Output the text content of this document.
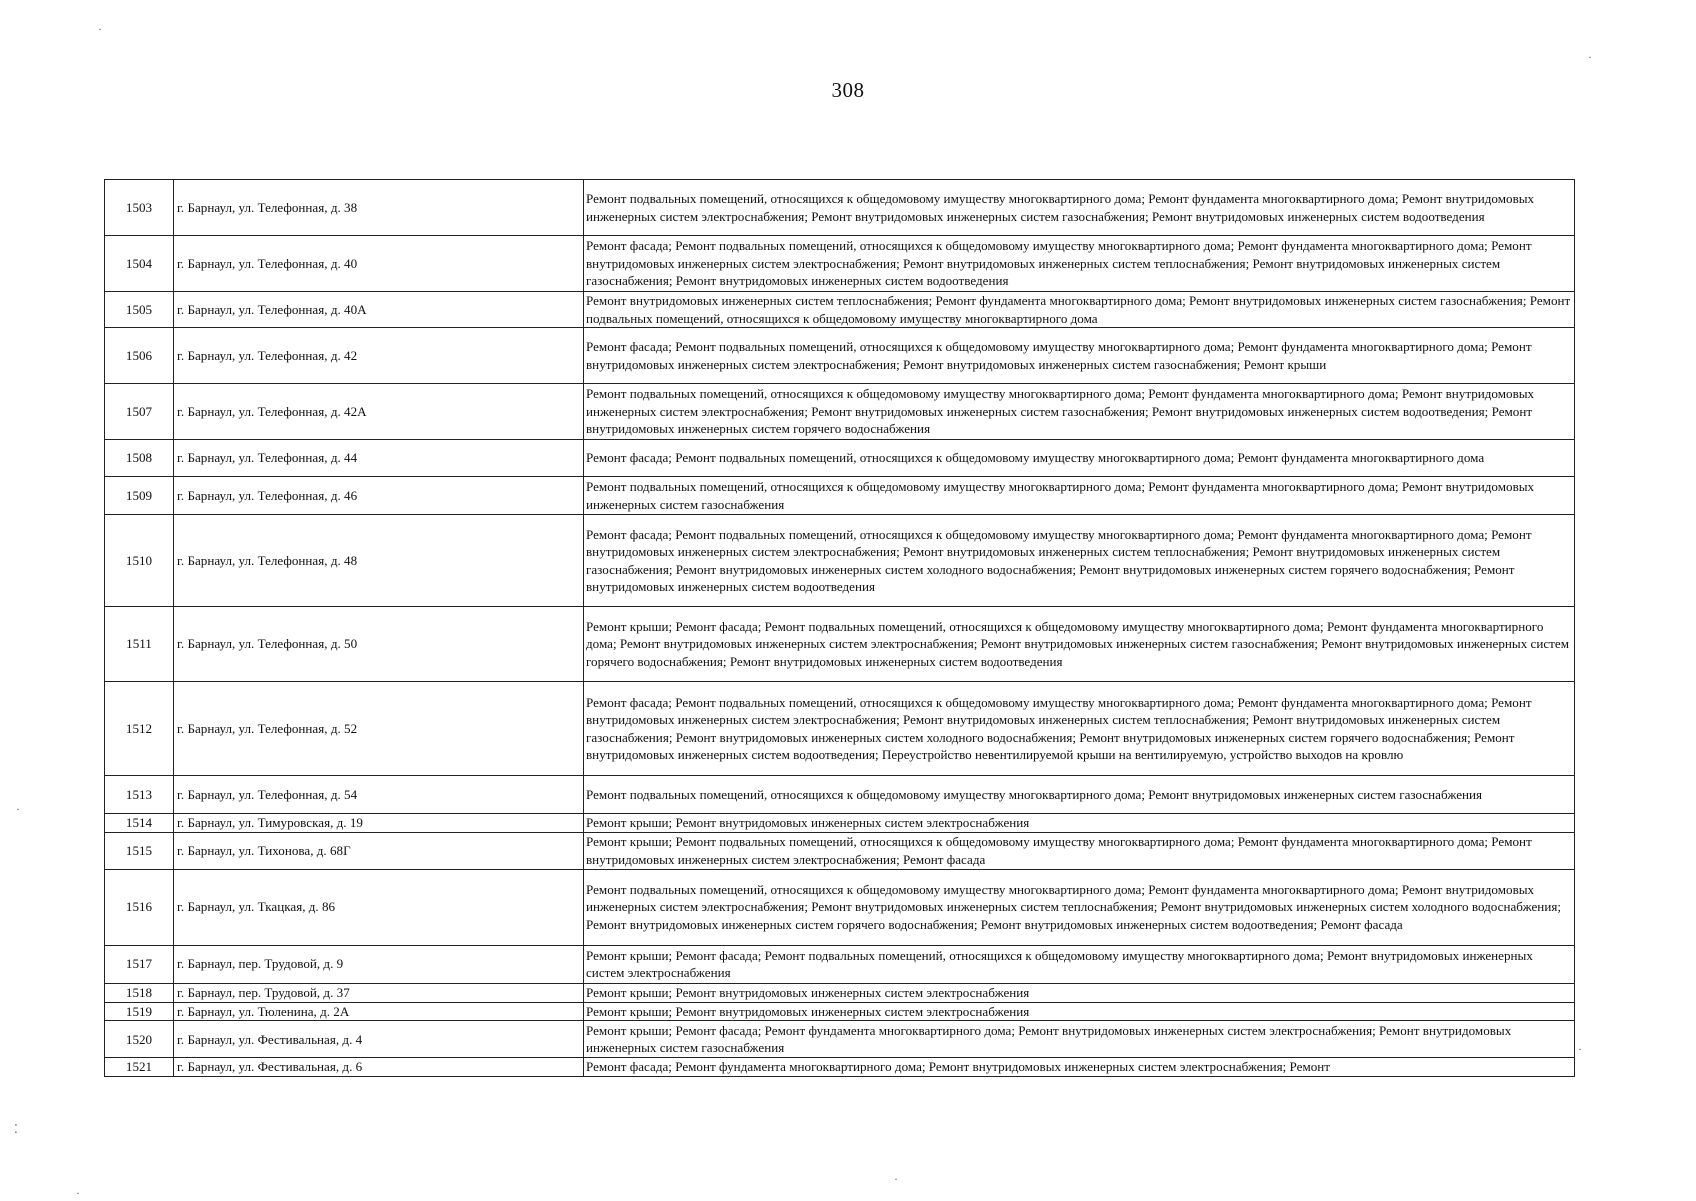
308
1503	г. Барнаул, ул. Телефонная, д. 38	Ремонт подвальных помещений, относящихся к общедомовому имуществу многоквартирного дома; Ремонт фундамента многоквартирного дома; Ремонт внутридомовых инженерных систем электроснабжения; Ремонт внутридомовых инженерных систем газоснабжения; Ремонт внутридомовых инженерных систем водоотведения
1504	г. Барнаул, ул. Телефонная, д. 40	Ремонт фасада; Ремонт подвальных помещений, относящихся к общедомовому имуществу многоквартирного дома; Ремонт фундамента многоквартирного дома; Ремонт внутридомовых инженерных систем электроснабжения; Ремонт внутридомовых инженерных систем теплоснабжения; Ремонт внутридомовых инженерных систем газоснабжения; Ремонт внутридомовых инженерных систем водоотведения
1505	г. Барнаул, ул. Телефонная, д. 40А	Ремонт внутридомовых инженерных систем теплоснабжения; Ремонт фундамента многоквартирного дома; Ремонт внутридомовых инженерных систем газоснабжения; Ремонт подвальных помещений, относящихся к общедомовому имуществу многоквартирного дома
1506	г. Барнаул, ул. Телефонная, д. 42	Ремонт фасада; Ремонт подвальных помещений, относящихся к общедомовому имуществу многоквартирного дома; Ремонт фундамента многоквартирного дома; Ремонт внутридомовых инженерных систем электроснабжения; Ремонт внутридомовых инженерных систем газоснабжения; Ремонт крыши
1507	г. Барнаул, ул. Телефонная, д. 42А	Ремонт подвальных помещений, относящихся к общедомовому имуществу многоквартирного дома; Ремонт фундамента многоквартирного дома; Ремонт внутридомовых инженерных систем электроснабжения; Ремонт внутридомовых инженерных систем газоснабжения; Ремонт внутридомовых инженерных систем водоотведения; Ремонт внутридомовых инженерных систем горячего водоснабжения
1508	г. Барнаул, ул. Телефонная, д. 44	Ремонт фасада; Ремонт подвальных помещений, относящихся к общедомовому имуществу многоквартирного дома; Ремонт фундамента многоквартирного дома
1509	г. Барнаул, ул. Телефонная, д. 46	Ремонт подвальных помещений, относящихся к общедомовому имуществу многоквартирного дома; Ремонт фундамента многоквартирного дома; Ремонт внутридомовых инженерных систем газоснабжения
1510	г. Барнаул, ул. Телефонная, д. 48	Ремонт фасада; Ремонт подвальных помещений, относящихся к общедомовому имуществу многоквартирного дома; Ремонт фундамента многоквартирного дома; Ремонт внутридомовых инженерных систем электроснабжения; Ремонт внутридомовых инженерных систем теплоснабжения; Ремонт внутридомовых инженерных систем газоснабжения; Ремонт внутридомовых инженерных систем холодного водоснабжения; Ремонт внутридомовых инженерных систем горячего водоснабжения; Ремонт внутридомовых инженерных систем водоотведения
1511	г. Барнаул, ул. Телефонная, д. 50	Ремонт крыши; Ремонт фасада; Ремонт подвальных помещений, относящихся к общедомовому имуществу многоквартирного дома; Ремонт фундамента многоквартирного дома; Ремонт внутридомовых инженерных систем электроснабжения; Ремонт внутридомовых инженерных систем газоснабжения; Ремонт внутридомовых инженерных систем горячего водоснабжения; Ремонт внутридомовых инженерных систем водоотведения
1512	г. Барнаул, ул. Телефонная, д. 52	Ремонт фасада; Ремонт подвальных помещений, относящихся к общедомовому имуществу многоквартирного дома; Ремонт фундамента многоквартирного дома; Ремонт внутридомовых инженерных систем электроснабжения; Ремонт внутридомовых инженерных систем теплоснабжения; Ремонт внутридомовых инженерных систем газоснабжения; Ремонт внутридомовых инженерных систем холодного водоснабжения; Ремонт внутридомовых инженерных систем горячего водоснабжения; Ремонт внутридомовых инженерных систем водоотведения; Переустройство невентилируемой крыши на вентилируемую, устройство выходов на кровлю
1513	г. Барнаул, ул. Телефонная, д. 54	Ремонт подвальных помещений, относящихся к общедомовому имуществу многоквартирного дома; Ремонт внутридомовых инженерных систем газоснабжения
1514	г. Барнаул, ул. Тимуровская, д. 19	Ремонт крыши; Ремонт внутридомовых инженерных систем электроснабжения
1515	г. Барнаул, ул. Тихонова, д. 68Г	Ремонт крыши; Ремонт подвальных помещений, относящихся к общедомовому имуществу многоквартирного дома; Ремонт фундамента многоквартирного дома; Ремонт внутридомовых инженерных систем электроснабжения; Ремонт фасада
1516	г. Барнаул, ул. Ткацкая, д. 86	Ремонт подвальных помещений, относящихся к общедомовому имуществу многоквартирного дома; Ремонт фундамента многоквартирного дома; Ремонт внутридомовых инженерных систем электроснабжения; Ремонт внутридомовых инженерных систем теплоснабжения; Ремонт внутридомовых инженерных систем холодного водоснабжения; Ремонт внутридомовых инженерных систем горячего водоснабжения; Ремонт внутридомовых инженерных систем водоотведения; Ремонт фасада
1517	г. Барнаул, пер. Трудовой, д. 9	Ремонт крыши; Ремонт фасада; Ремонт подвальных помещений, относящихся к общедомовому имуществу многоквартирного дома; Ремонт внутридомовых инженерных систем электроснабжения
1518	г. Барнаул, пер. Трудовой, д. 37	Ремонт крыши; Ремонт внутридомовых инженерных систем электроснабжения
1519	г. Барнаул, ул. Тюленина, д. 2А	Ремонт крыши; Ремонт внутридомовых инженерных систем электроснабжения
1520	г. Барнаул, ул. Фестивальная, д. 4	Ремонт крыши; Ремонт фасада; Ремонт фундамента многоквартирного дома; Ремонт внутридомовых инженерных систем электроснабжения; Ремонт внутридомовых инженерных систем газоснабжения
1521	г. Барнаул, ул. Фестивальная, д. 6	Ремонт фасада; Ремонт фундамента многоквартирного дома; Ремонт внутридомовых инженерных систем электроснабжения; Ремонт
·
·
·
·
⁚
·
·
